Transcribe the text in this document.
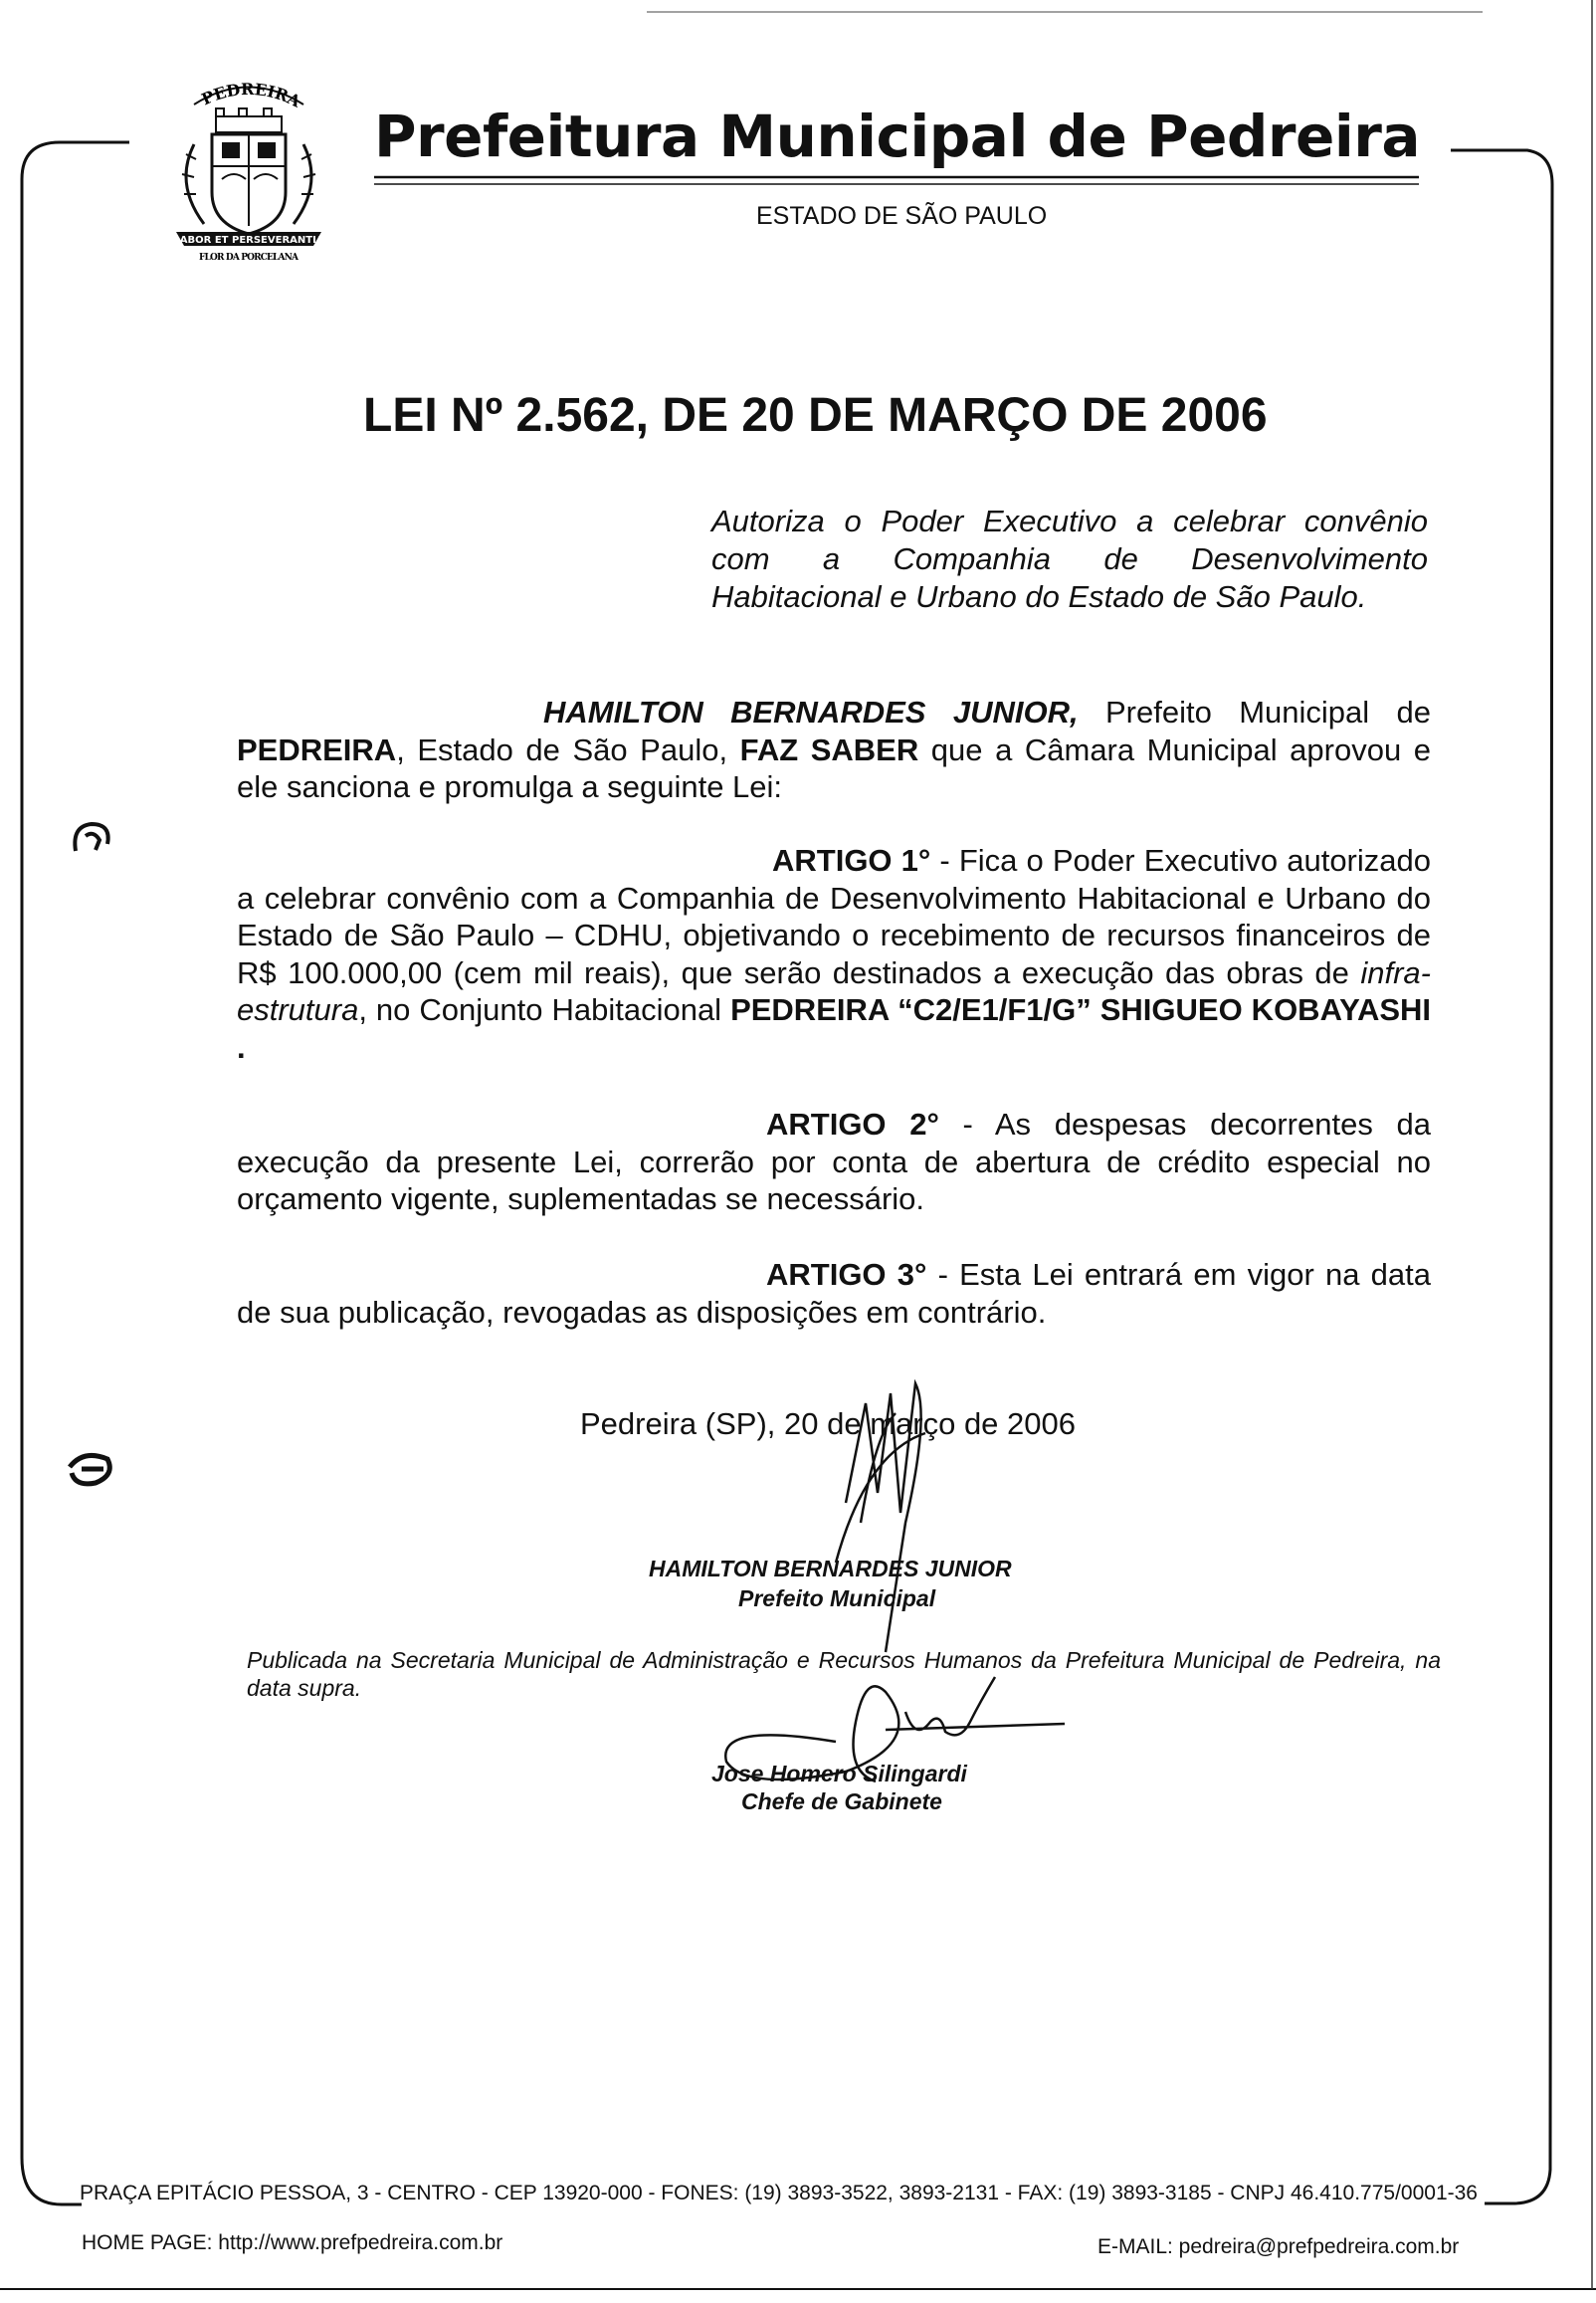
PEDREIRA
LABOR ET PERSEVERANTIA
FLOR DA PORCELANA
Prefeitura Municipal de Pedreira
ESTADO DE SÃO PAULO
LEI Nº 2.562, DE 20 DE MARÇO DE 2006
Autoriza o Poder Executivo a celebrar convênio com a Companhia de Desenvolvimento Habitacional e Urbano do Estado de São Paulo.
HAMILTON BERNARDES JUNIOR, Prefeito Municipal de PEDREIRA, Estado de São Paulo, FAZ SABER que a Câmara Municipal aprovou e ele sanciona e promulga a seguinte Lei:
ARTIGO 1° - Fica o Poder Executivo autorizado a celebrar convênio com a Companhia de Desenvolvimento Habitacional e Urbano do Estado de São Paulo – CDHU, objetivando o recebimento de recursos financeiros de R$ 100.000,00 (cem mil reais), que serão destinados a execução das obras de infra-estrutura, no Conjunto Habitacional PEDREIRA “C2/E1/F1/G” SHIGUEO KOBAYASHI .
ARTIGO 2° - As despesas decorrentes da execução da presente Lei, correrão por conta de abertura de crédito especial no orçamento vigente, suplementadas se necessário.
ARTIGO 3° - Esta Lei entrará em vigor na data de sua publicação, revogadas as disposições em contrário.
Pedreira (SP), 20 de março de 2006
HAMILTON BERNARDES JUNIOR
Prefeito Municipal
Publicada na Secretaria Municipal de Administração e Recursos Humanos da Prefeitura Municipal de Pedreira, na data supra.
Jose Homero Silingardi
Chefe de Gabinete
PRAÇA EPITÁCIO PESSOA, 3 - CENTRO - CEP 13920-000 - FONES: (19) 3893-3522, 3893-2131 - FAX: (19) 3893-3185 - CNPJ 46.410.775/0001-36
HOME PAGE: http://www.prefpedreira.com.br	E-MAIL: pedreira@prefpedreira.com.br
